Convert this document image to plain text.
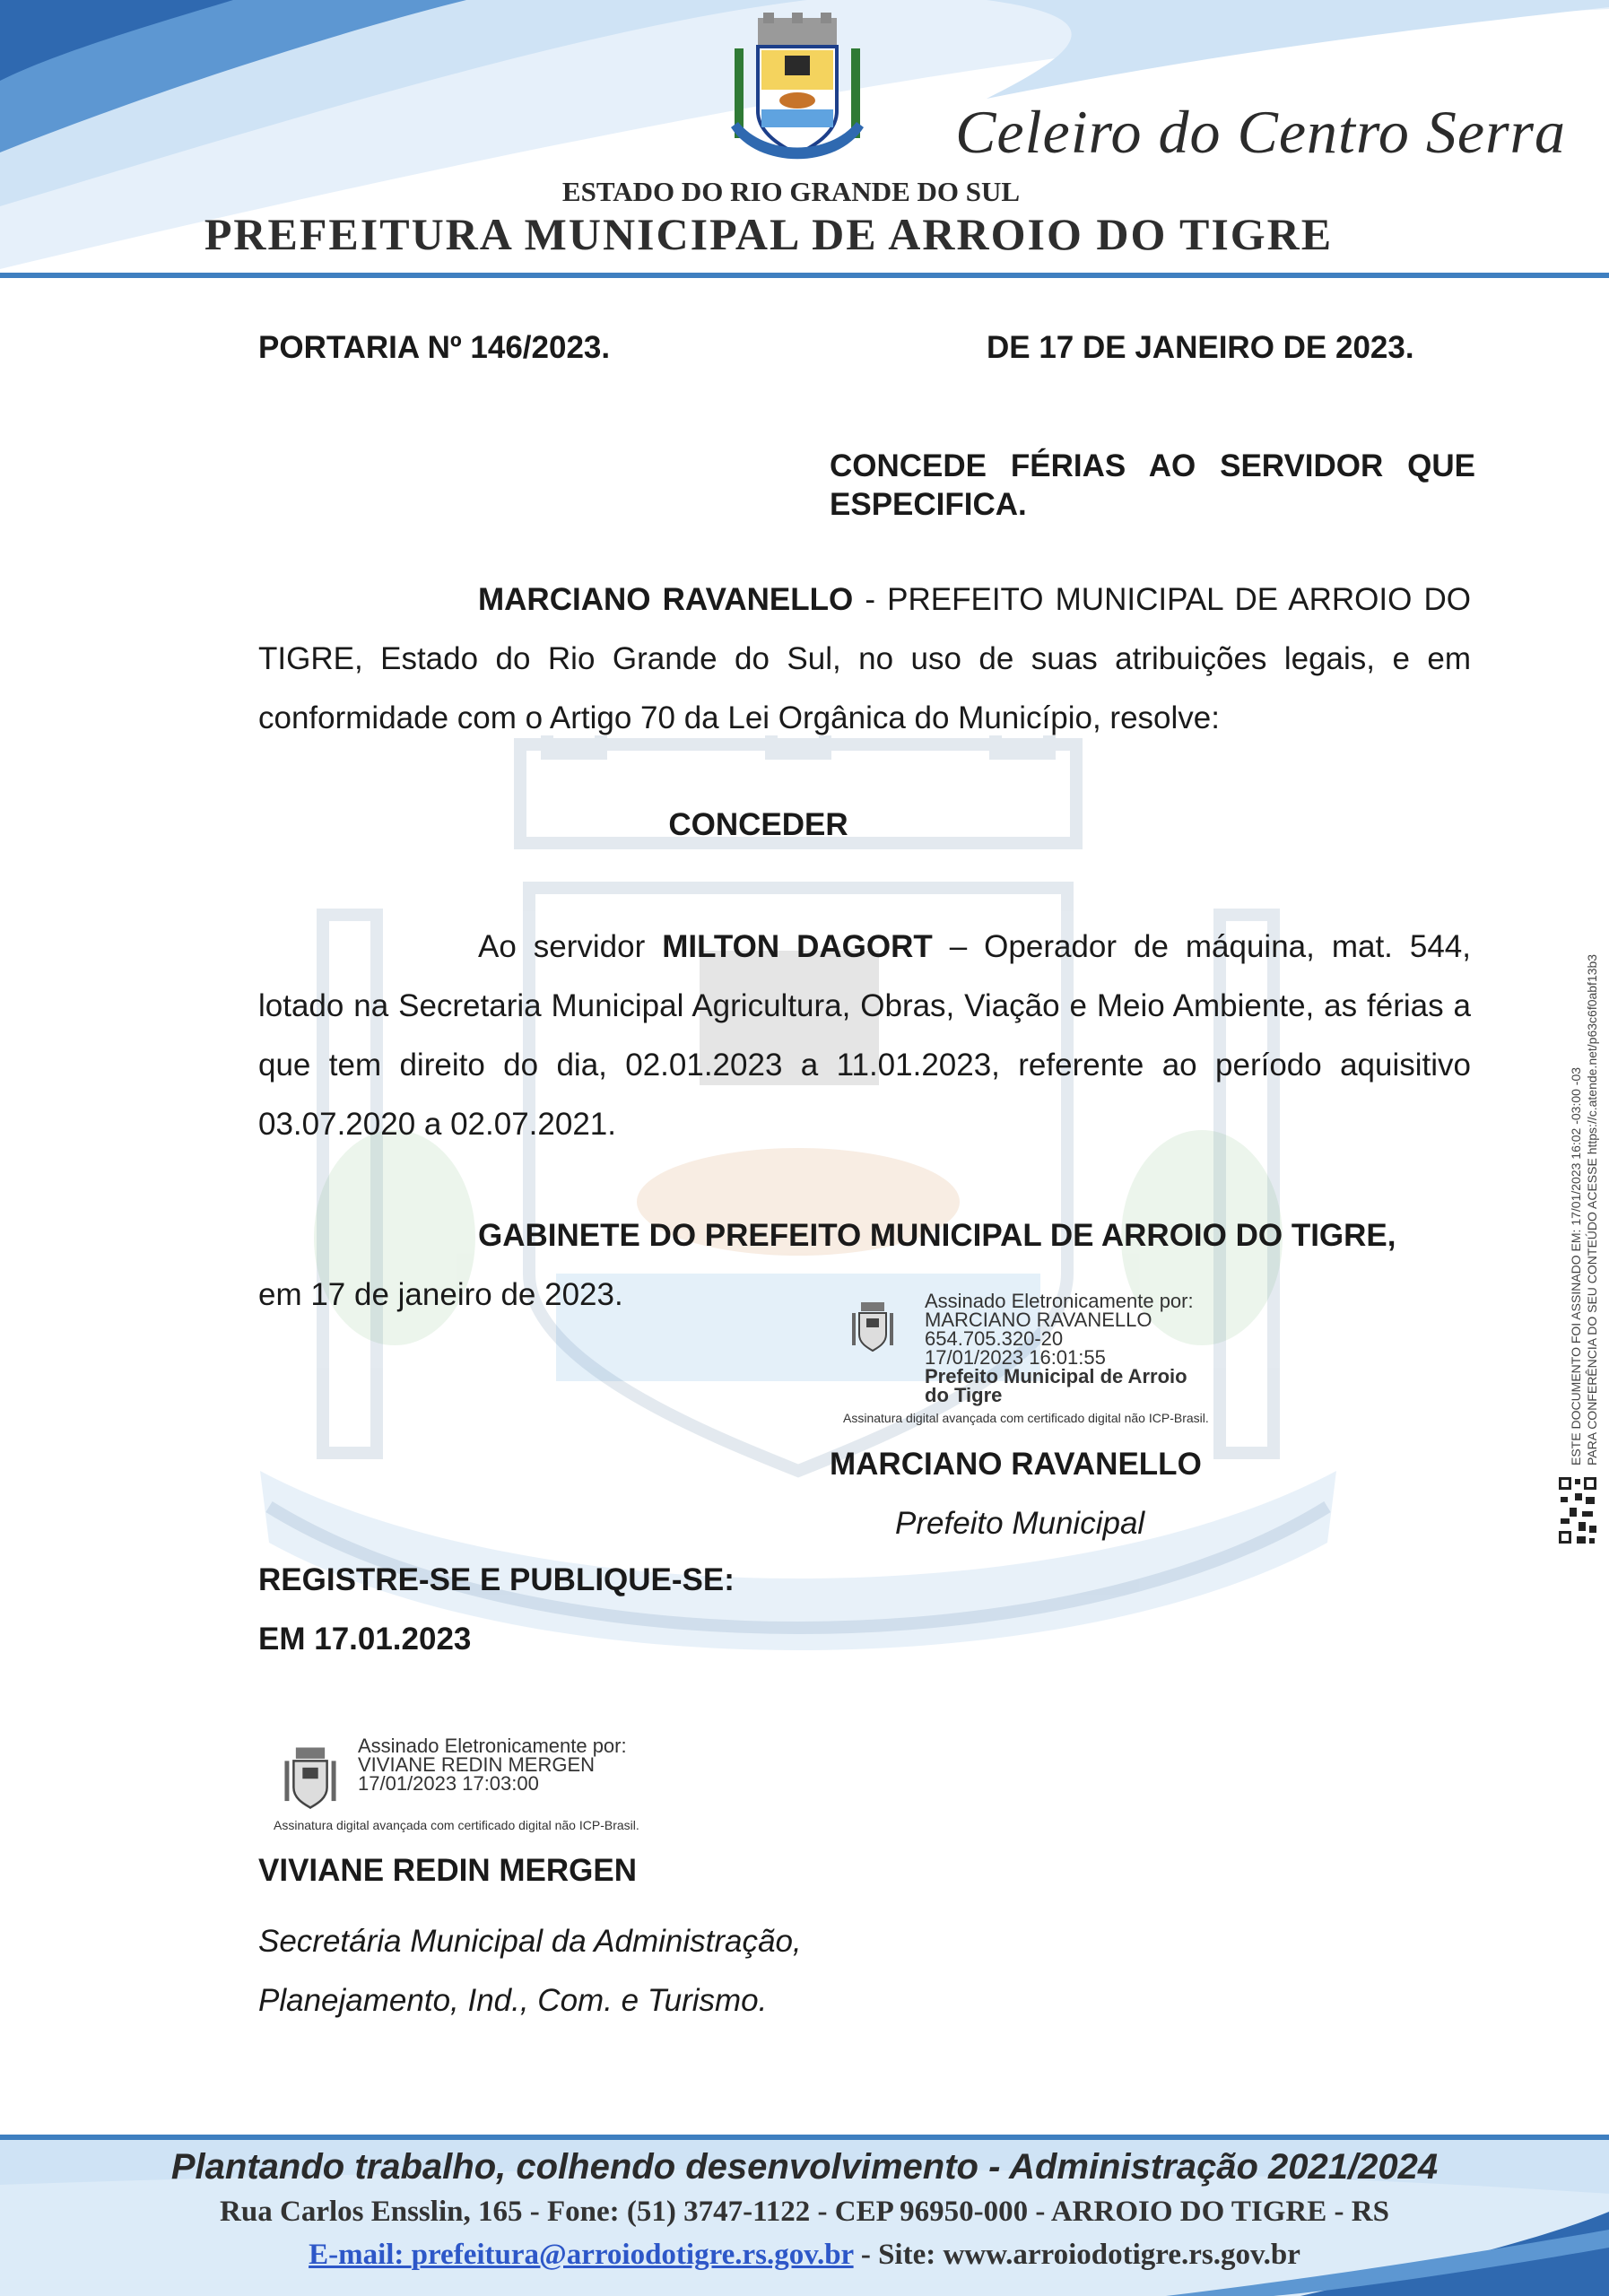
Celeiro do Centro Serra
ESTADO DO RIO GRANDE DO SUL
PREFEITURA MUNICIPAL DE ARROIO DO TIGRE
PORTARIA Nº 146/2023.	DE 17 DE JANEIRO DE 2023.
CONCEDE FÉRIAS AO SERVIDOR QUE ESPECIFICA.
MARCIANO RAVANELLO - PREFEITO MUNICIPAL DE ARROIO DO TIGRE, Estado do Rio Grande do Sul, no uso de suas atribuições legais, e em conformidade com o Artigo 70 da Lei Orgânica do Município, resolve:
CONCEDER
Ao servidor MILTON DAGORT – Operador de máquina, mat. 544, lotado na Secretaria Municipal Agricultura, Obras, Viação e Meio Ambiente, as férias a que tem direito do dia, 02.01.2023 a 11.01.2023, referente ao período aquisitivo 03.07.2020 a 02.07.2021.
GABINETE DO PREFEITO MUNICIPAL DE ARROIO DO TIGRE,
em 17 de janeiro de 2023.	Assinado Eletronicamente por:
MARCIANO RAVANELLO
654.705.320-20
17/01/2023 16:01:55
Prefeito Municipal de Arroio do Tigre
Assinatura digital avançada com certificado digital não ICP-Brasil.
MARCIANO RAVANELLO
Prefeito Municipal
REGISTRE-SE E PUBLIQUE-SE:
EM 17.01.2023
Assinado Eletronicamente por:
VIVIANE REDIN MERGEN
17/01/2023 17:03:00
Assinatura digital avançada com certificado digital não ICP-Brasil.
VIVIANE REDIN MERGEN
Secretária Municipal da Administração,
Planejamento, Ind., Com. e Turismo.
ESTE DOCUMENTO FOI ASSINADO EM: 17/01/2023 16:02 -03:00 -03 PARA CONFERÊNCIA DO SEU CONTEÚDO ACESSE https://c.atende.net/p63c6f0abf13b3
Plantando trabalho, colhendo desenvolvimento - Administração 2021/2024
Rua Carlos Ensslin, 165 - Fone: (51) 3747-1122 - CEP 96950-000 - ARROIO DO TIGRE - RS
E-mail: prefeitura@arroiodotigre.rs.gov.br - Site: www.arroiodotigre.rs.gov.br
